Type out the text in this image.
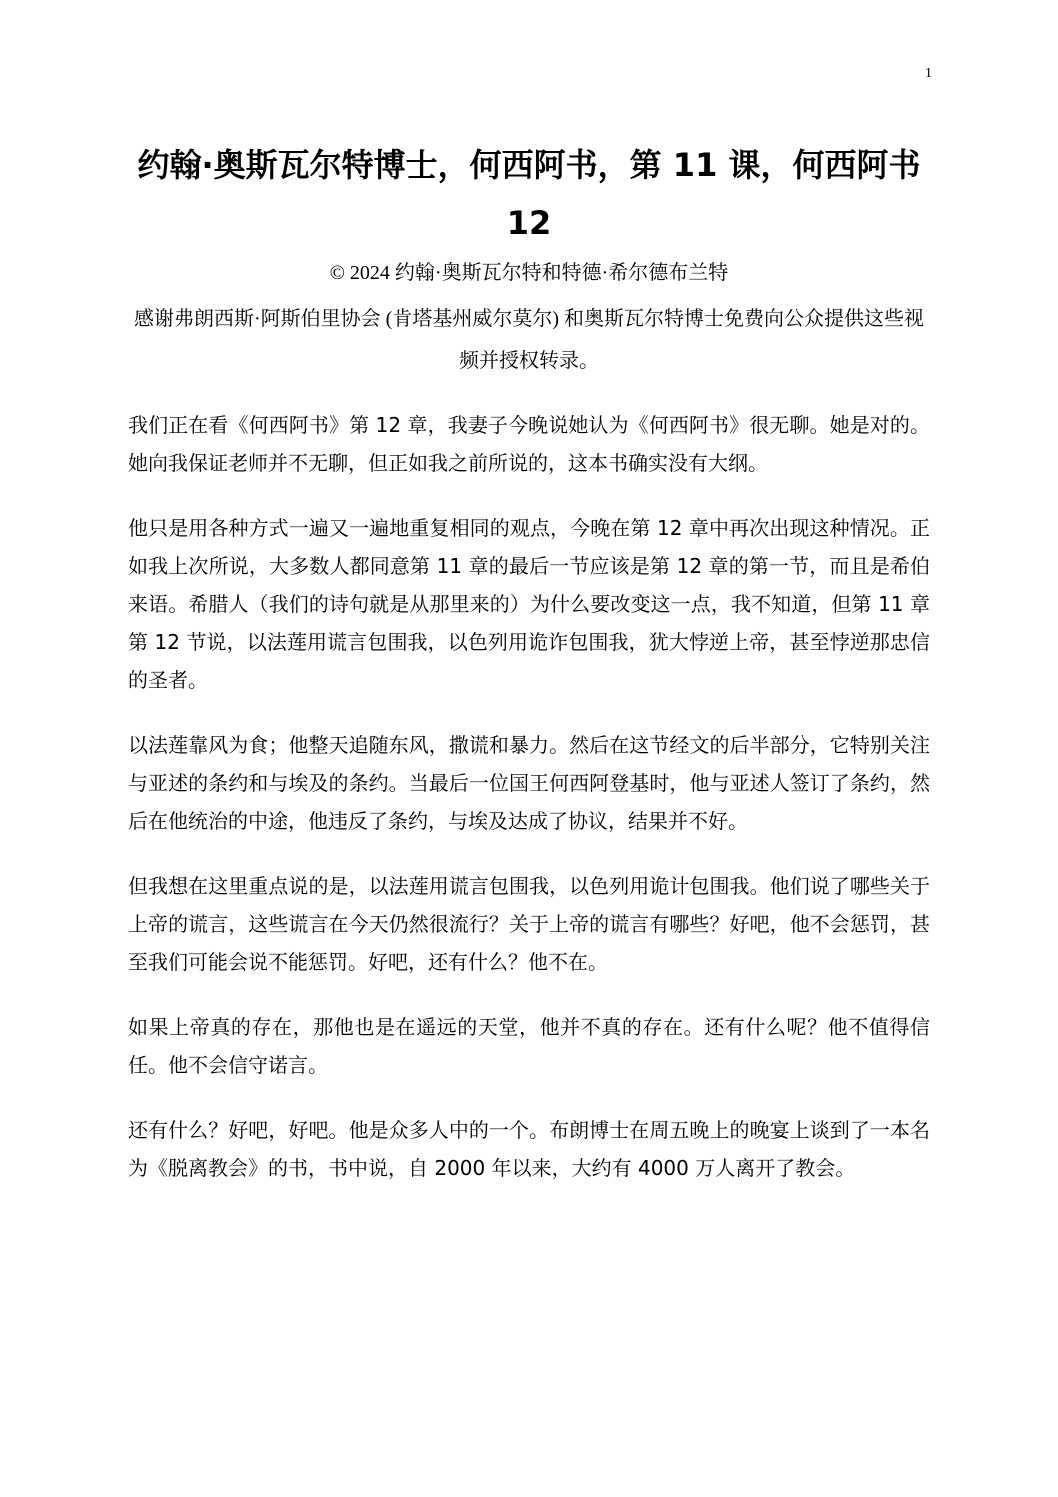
1
约翰·奥斯瓦尔特博士，何西阿书，第 11 课，何西阿书 12

© 2024 约翰·奥斯瓦尔特和特德·希尔德布兰特

感谢弗朗西斯·阿斯伯里协会 (肯塔基州威尔莫尔) 和奥斯瓦尔特博士免费向公众提供这些视频并授权转录。

我们正在看《何西阿书》第 12 章，我妻子今晚说她认为《何西阿书》很无聊。她是对的。她向我保证老师并不无聊，但正如我之前所说的，这本书确实没有大纲。

他只是用各种方式一遍又一遍地重复相同的观点，今晚在第 12 章中再次出现这种情况。正如我上次所说，大多数人都同意第 11 章的最后一节应该是第 12 章的第一节，而且是希伯来语。希腊人（我们的诗句就是从那里来的）为什么要改变这一点，我不知道，但第 11 章第 12 节说，以法莲用谎言包围我，以色列用诡诈包围我，犹大悖逆上帝，甚至悖逆那忠信的圣者。

以法莲靠风为食；他整天追随东风，撒谎和暴力。然后在这节经文的后半部分，它特别关注与亚述的条约和与埃及的条约。当最后一位国王何西阿登基时，他与亚述人签订了条约，然后在他统治的中途，他违反了条约，与埃及达成了协议，结果并不好。

但我想在这里重点说的是，以法莲用谎言包围我，以色列用诡计包围我。他们说了哪些关于上帝的谎言，这些谎言在今天仍然很流行？关于上帝的谎言有哪些？好吧，他不会惩罚，甚至我们可能会说不能惩罚。好吧，还有什么？他不在。

如果上帝真的存在，那他也是在遥远的天堂，他并不真的存在。还有什么呢？他不值得信任。他不会信守诺言。

还有什么？好吧，好吧。他是众多人中的一个。布朗博士在周五晚上的晚宴上谈到了一本名为《脱离教会》的书，书中说，自 2000 年以来，大约有 4000 万人离开了教会。
